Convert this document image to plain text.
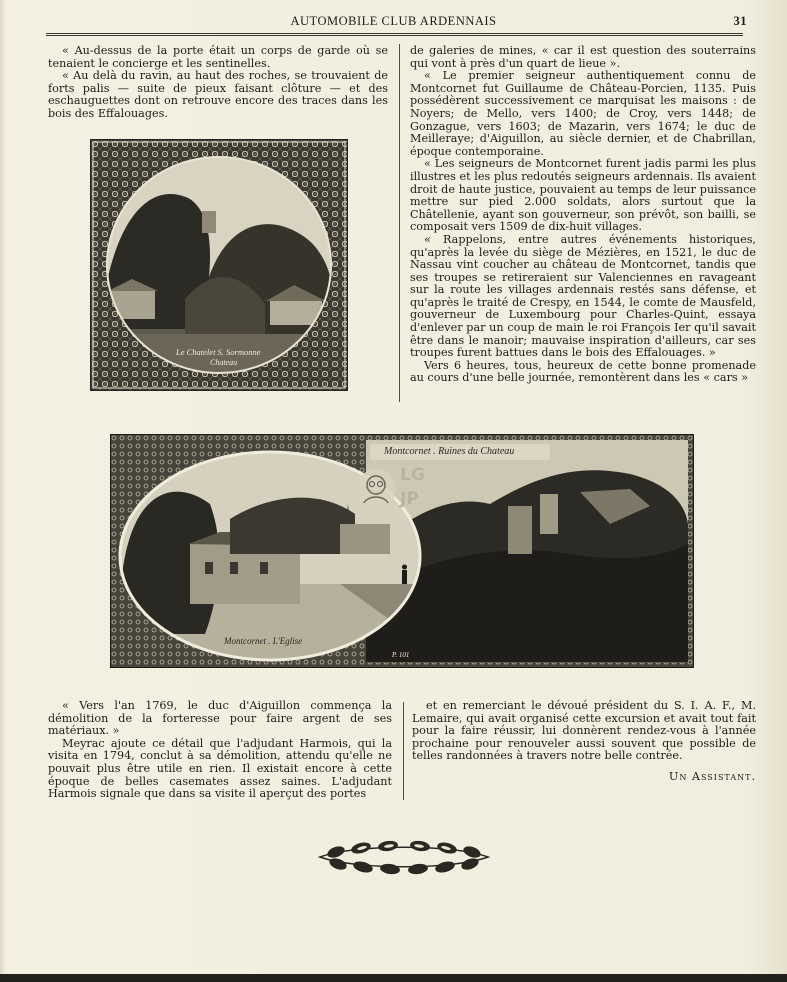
AUTOMOBILE CLUB ARDENNAIS	31

« Au-dessus de la porte était un corps de garde où se tenaient le concierge et les sentinelles.

« Au delà du ravin, au haut des roches, se trouvaient de forts palis — suite de pieux faisant clôture — et des eschauguettes dont on retrouve encore des traces dans les bois des Effalouages.

de galeries de mines, « car il est question des souterrains qui vont à près d'un quart de lieue ».

« Le premier seigneur authentiquement connu de Montcornet fut Guillaume de Château-Porcien, 1135. Puis possédèrent successivement ce marquisat les maisons : de Noyers; de Mello, vers 1400; de Croy, vers 1448; de Gonzague, vers 1603; de Mazarin, vers 1674; le duc de Meilleraye; d'Aiguillon, au siècle dernier, et de Chabrillan, époque contemporaine.

« Les seigneurs de Montcornet furent jadis parmi les plus illustres et les plus redoutés seigneurs ardennais. Ils avaient droit de haute justice, pouvaient au temps de leur puissance mettre sur pied 2.000 soldats, alors surtout que la Châtellenie, ayant son gouverneur, son prévôt, son bailli, se composait vers 1509 de dix-huit villages.

« Rappelons, entre autres événements historiques, qu'après la levée du siège de Mézières, en 1521, le duc de Nassau vint coucher au château de Montcornet, tandis que ses troupes se retireraient sur Valenciennes en ravageant sur la route les villages ardennais restés sans défense, et qu'après le traité de Crespy, en 1544, le comte de Mausfeld, gouverneur de Luxembourg pour Charles-Quint, essaya d'enlever par un coup de main le roi François Ier qu'il savait être dans le manoir; mauvaise inspiration d'ailleurs, car ses troupes furent battues dans le bois des Effalouages. »

Vers 6 heures, tous, heureux de cette bonne promenade au cours d'une belle journée, remontèrent dans les « cars »

Le Chatelet S. Sormonne
Chateau
Montcornet . Ruines du Chateau
Montcornet . L'Eglise
P. 101
LG
JP

« Vers l'an 1769, le duc d'Aiguillon commença la démolition de la forteresse pour faire argent de ses matériaux. »

Meyrac ajoute ce détail que l'adjudant Harmois, qui la visita en 1794, conclut à sa démolition, attendu qu'elle ne pouvait plus être utile en rien. Il existait encore à cette époque de belles casemates assez saines. L'adjudant Harmois signale que dans sa visite il aperçut des portes

et en remerciant le dévoué président du S. I. A. F., M. Lemaire, qui avait organisé cette excursion et avait tout fait pour la faire réussir, lui donnèrent rendez-vous à l'année prochaine pour renouveler aussi souvent que possible de telles randonnées à travers notre belle contrée.

Un Assistant.
